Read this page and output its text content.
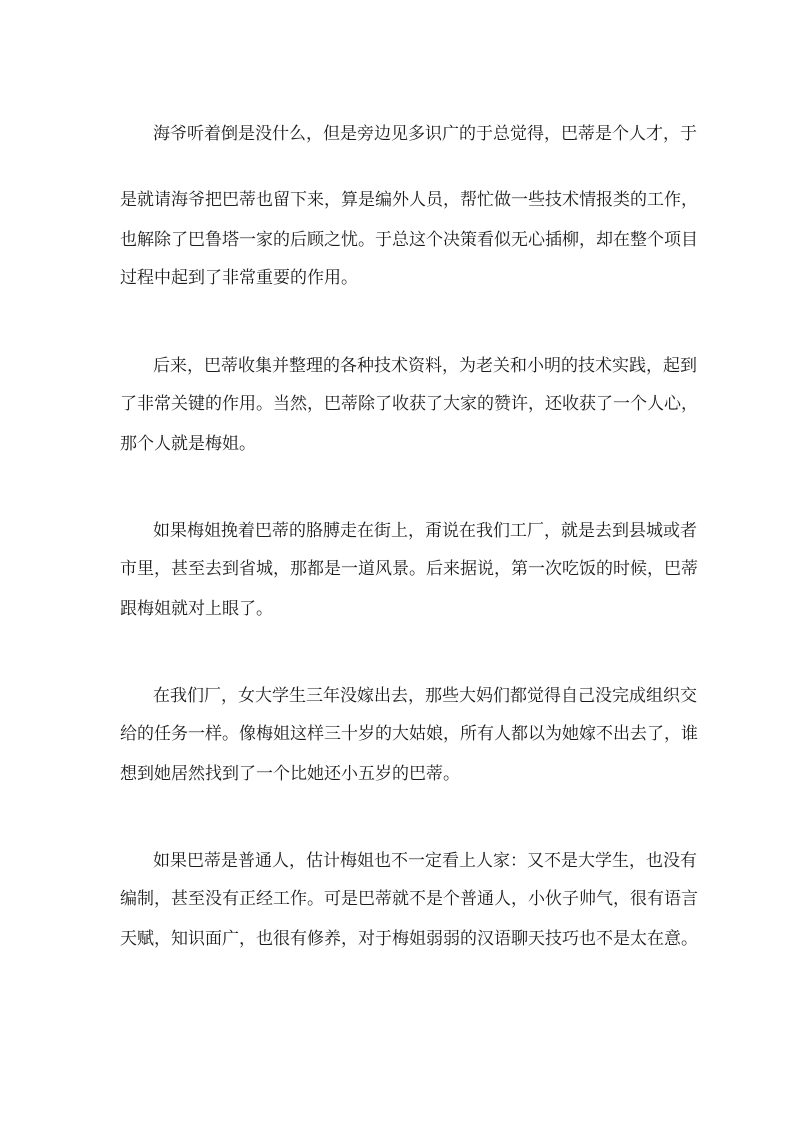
海爷听着倒是没什么，但是旁边见多识广的于总觉得，巴蒂是个人才，于
是就请海爷把巴蒂也留下来，算是编外人员，帮忙做一些技术情报类的工作，
也解除了巴鲁塔一家的后顾之忧。于总这个决策看似无心插柳，却在整个项目
过程中起到了非常重要的作用。
后来，巴蒂收集并整理的各种技术资料，为老关和小明的技术实践，起到
了非常关键的作用。当然，巴蒂除了收获了大家的赞许，还收获了一个人心，
那个人就是梅姐。
如果梅姐挽着巴蒂的胳膊走在街上，甭说在我们工厂，就是去到县城或者
市里，甚至去到省城，那都是一道风景。后来据说，第一次吃饭的时候，巴蒂
跟梅姐就对上眼了。
在我们厂，女大学生三年没嫁出去，那些大妈们都觉得自己没完成组织交
给的任务一样。像梅姐这样三十岁的大姑娘，所有人都以为她嫁不出去了，谁
想到她居然找到了一个比她还小五岁的巴蒂。
如果巴蒂是普通人，估计梅姐也不一定看上人家：又不是大学生，也没有
编制，甚至没有正经工作。可是巴蒂就不是个普通人，小伙子帅气，很有语言
天赋，知识面广，也很有修养，对于梅姐弱弱的汉语聊天技巧也不是太在意。
